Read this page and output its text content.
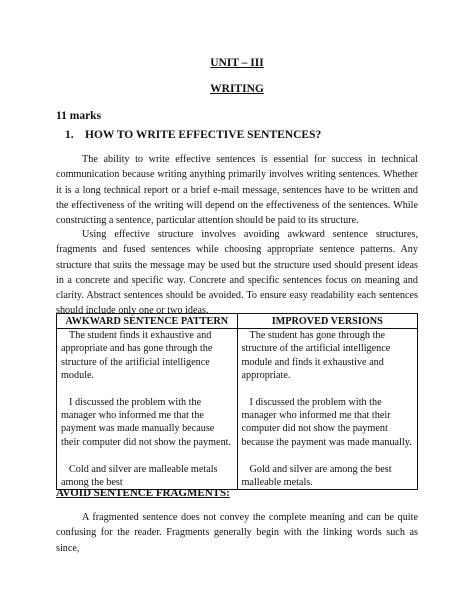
UNIT – III
WRITING
11 marks
1. HOW TO WRITE EFFECTIVE SENTENCES?

The ability to write effective sentences is essential for success in technical communication because writing anything primarily involves writing sentences. Whether it is a long technical report or a brief e-mail message, sentences have to be written and the effectiveness of the writing will depend on the effectiveness of the sentences. While constructing a sentence, particular attention should be paid to its structure.

Using effective structure involves avoiding awkward sentence structures, fragments and fused sentences while choosing appropriate sentence patterns. Any structure that suits the message may be used but the structure used should present ideas in a concrete and specific way. Concrete and specific sentences focus on meaning and clarity. Abstract sentences should be avoided. To ensure easy readability each sentences should include only one or two ideas.

AWKWARD SENTENCE PATTERN	IMPROVED VERSIONS

The student finds it exhaustive and appropriate and has gone through the structure of the artificial intelligence module.	The student has gone through the structure of the artificial intelligence module and finds it exhaustive and appropriate.

I discussed the problem with the manager who informed me that the payment was made manually because their computer did not show the payment.	I discussed the problem with the manager who informed me that their computer did not show the payment because the payment was made manually.

Cold and silver are malleable metals among the best	Gold and silver are among the best malleable metals.
AVOID SENTENCE FRAGMENTS:

A fragmented sentence does not convey the complete meaning and can be quite confusing for the reader. Fragments generally begin with the linking words such as since,
